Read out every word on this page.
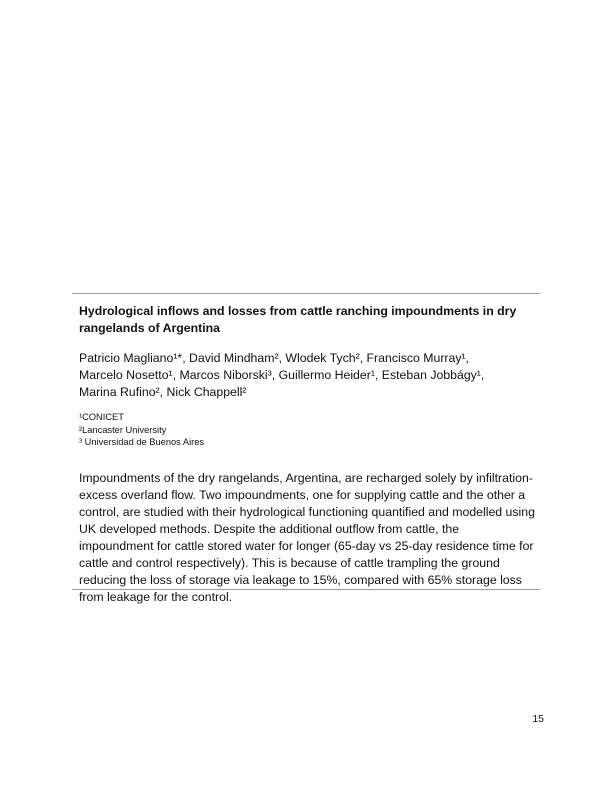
Hydrological inflows and losses from cattle ranching impoundments in dry rangelands of Argentina

Patricio Magliano¹*, David Mindham², Wlodek Tych², Francisco Murray¹, Marcelo Nosetto¹, Marcos Niborski³, Guillermo Heider¹, Esteban Jobbágy¹, Marina Rufino², Nick Chappell²

¹CONICET
²Lancaster University
³ Universidad de Buenos Aires

Impoundments of the dry rangelands, Argentina, are recharged solely by infiltration-excess overland flow. Two impoundments, one for supplying cattle and the other a control, are studied with their hydrological functioning quantified and modelled using UK developed methods. Despite the additional outflow from cattle, the impoundment for cattle stored water for longer (65-day vs 25-day residence time for cattle and control respectively). This is because of cattle trampling the ground reducing the loss of storage via leakage to 15%, compared with 65% storage loss from leakage for the control.

15
